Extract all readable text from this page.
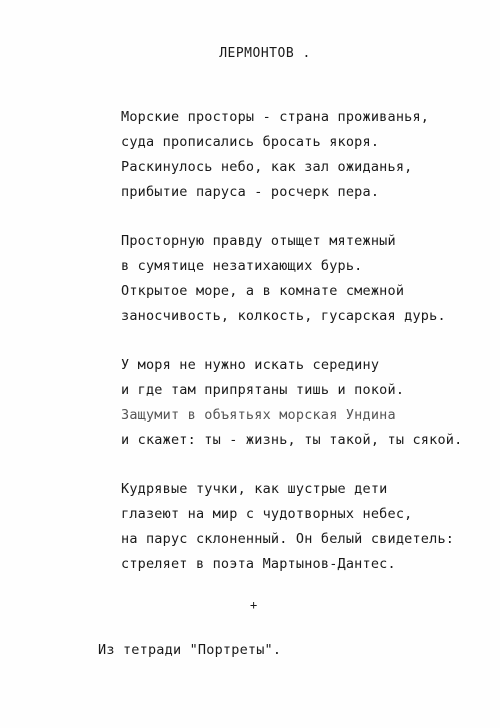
ЛЕРМОНТОВ .
Морские просторы - страна проживанья,
суда прописались бросать якоря.
Раскинулось небо, как зал ожиданья,
прибытие паруса - росчерк пера.
Просторную правду отыщет мятежный
в сумятице незатихающих бурь.
Открытое море, а в комнате смежной
заносчивость, колкость, гусарская дурь.
У моря не нужно искать середину
и где там припрятаны тишь и покой.
Защумит в объятьях морская Ундина
и скажет: ты - жизнь, ты такой, ты сякой.
Кудрявые тучки, как шустрые дети
глазеют на мир с чудотворных небес,
на парус склоненный. Он белый свидетель:
стреляет в поэта Мартынов-Дантес.
+
Из тетради "Портреты".
